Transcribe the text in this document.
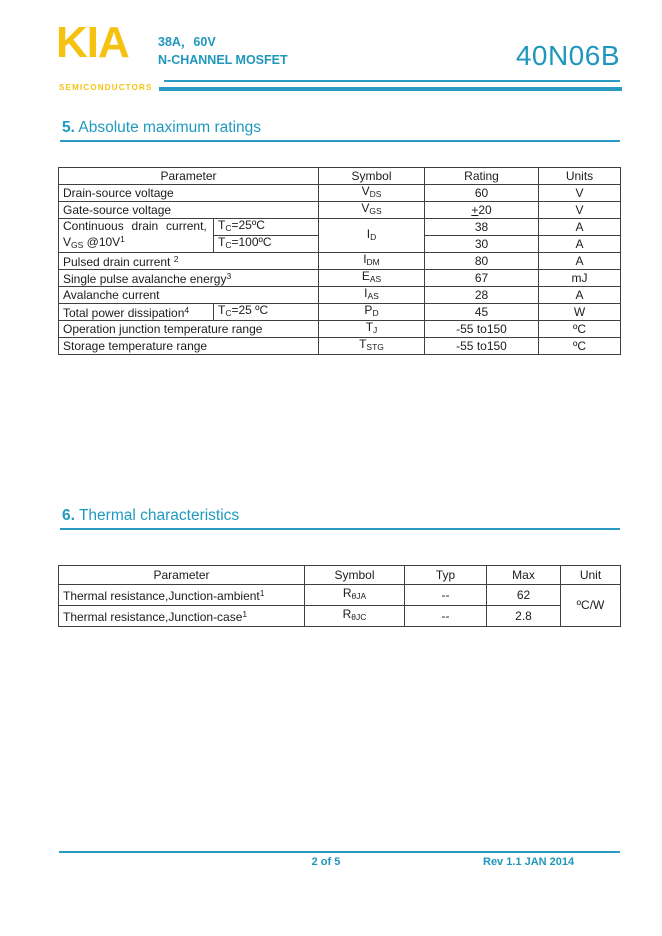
KIA
SEMICONDUCTORS
38A，60V
N-CHANNEL MOSFET	40N06B
5. Absolute maximum ratings
Parameter		Symbol	Rating	Units
Drain-source voltage		VDS	60	V
Gate-source voltage		VGS	+20	V
Continuous drain current,
VGS $@10V^1$	TC=25ºC	ID	38	A
	TC=100ºC		30	A
Pulsed drain current $^2$		IDM	80	A
Single pulse avalanche energy$^3$		EAS	67	mJ
Avalanche current		IAS	28	A
Total power dissipation$^4$	TC=25 ºC	PD	45	W
Operation junction temperature range		TJ	-55 to150	ºC
Storage temperature range		TSTG	-55 to150	ºC
6. Thermal characteristics
Parameter	Symbol	Typ	Max	Unit
Thermal resistance,Junction-ambient$^1$	RθJA	--	62	ºC/W
Thermal resistance,Junction-case$^1$	RθJC	--	2.8	
2 of 5	Rev 1.1 JAN 2014
